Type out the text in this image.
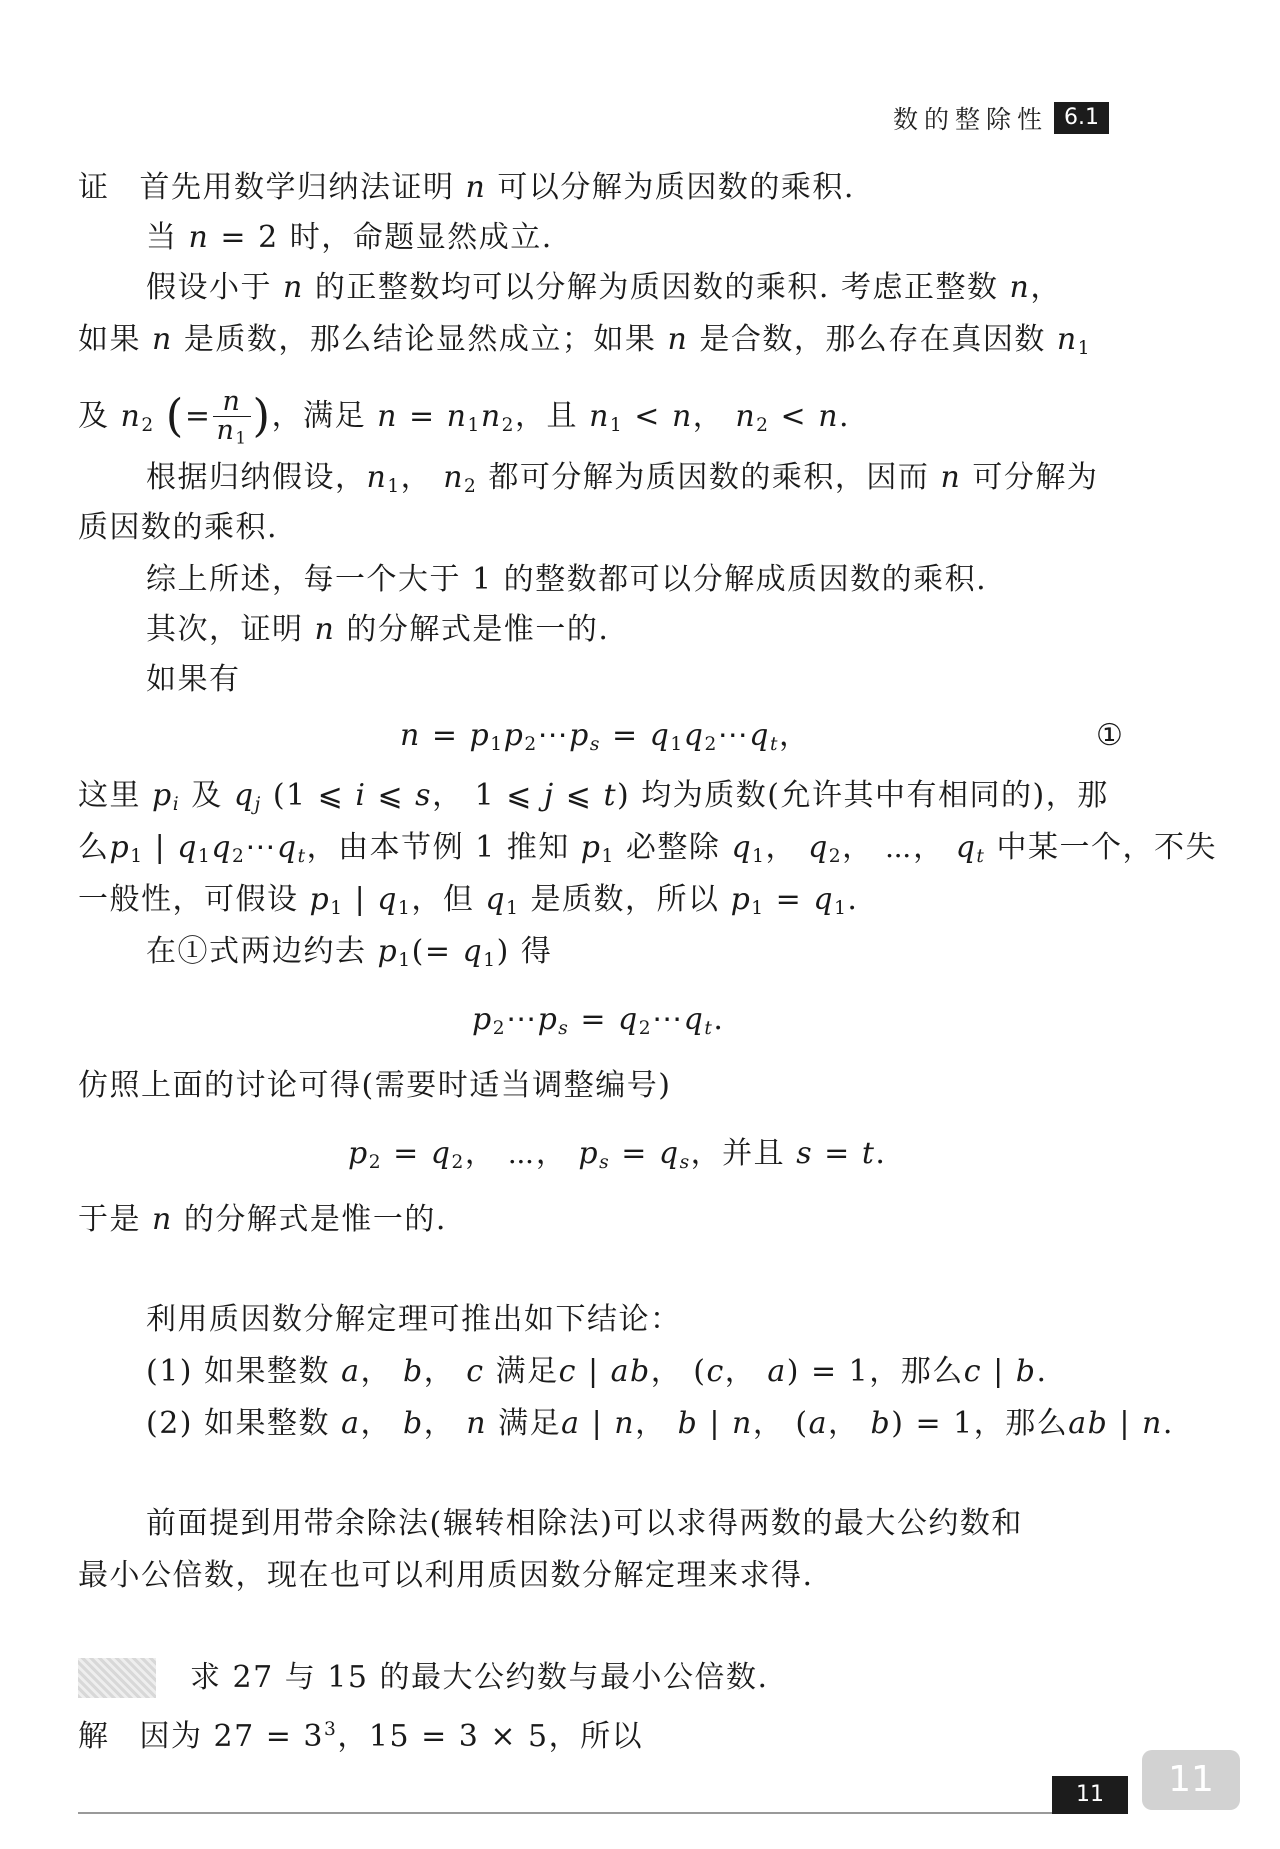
数的整除性 6.1
证 首先用数学归纳法证明 n 可以分解为质因数的乘积.
当 n = 2 时，命题显然成立.
假设小于 n 的正整数均可以分解为质因数的乘积. 考虑正整数 n，
如果 n 是质数，那么结论显然成立；如果 n 是合数，那么存在真因数 n1
及 n2 (= $\frac{n}{n1}$ )，满足 n = n1n2，且 n1 < n， n2 < n.
根据归纳假设，n1， n2 都可分解为质因数的乘积，因而 n 可分解为
质因数的乘积.
综上所述，每一个大于 1 的整数都可以分解成质因数的乘积.
其次，证明 n 的分解式是惟一的.
如果有
n = p1p2⋯ps = q1q2⋯qt，	①
这里 pi 及 qj (1 ⩽ i ⩽ s， 1 ⩽ j ⩽ t) 均为质数(允许其中有相同的)，那
么p1 | q1q2⋯qt，由本节例 1 推知 p1 必整除 q1， q2， ⋯， qt 中某一个，不失
一般性，可假设 p1 | q1，但 q1 是质数，所以 p1 = q1.
在①式两边约去 p1(= q1) 得
p2⋯ps = q2⋯qt.
仿照上面的讨论可得(需要时适当调整编号)
p2 = q2， ⋯， ps = qs，并且 s = t.
于是 n 的分解式是惟一的.
利用质因数分解定理可推出如下结论：
(1) 如果整数 a， b， c 满足c | ab， (c， a) = 1，那么c | b.
(2) 如果整数 a， b， n 满足a | n， b | n， (a， b) = 1，那么ab | n.
前面提到用带余除法(辗转相除法)可以求得两数的最大公约数和
最小公倍数，现在也可以利用质因数分解定理来求得.
求 27 与 15 的最大公约数与最小公倍数.
解 因为 $27 = 3^3$，15 = 3 × 5，所以
11	11
